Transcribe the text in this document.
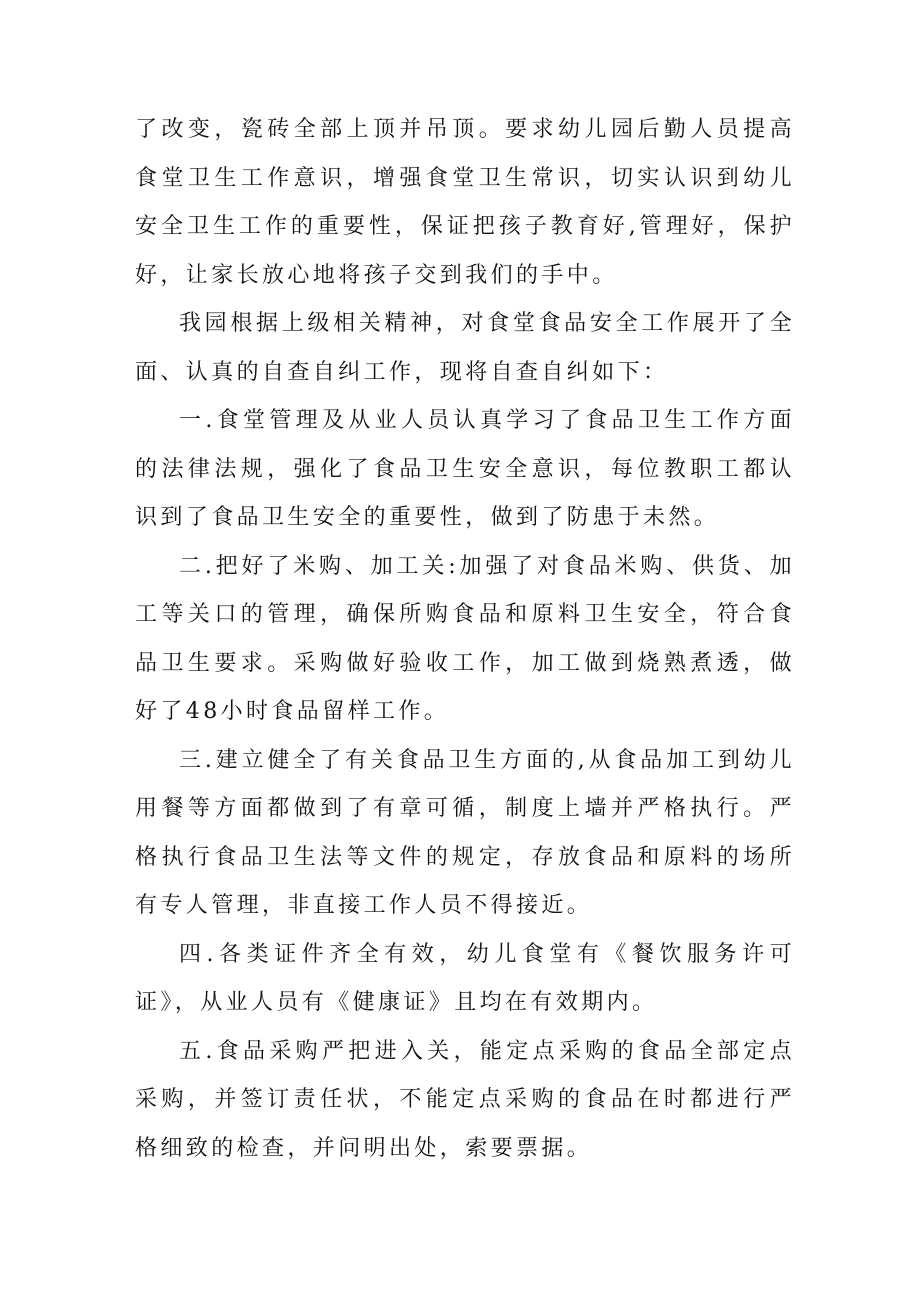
了改变，瓷砖全部上顶并吊顶。要求幼儿园后勤人员提高食堂卫生工作意识，增强食堂卫生常识，切实认识到幼儿安全卫生工作的重要性，保证把孩子教育好,管理好，保护好，让家长放心地将孩子交到我们的手中。

我园根据上级相关精神，对食堂食品安全工作展开了全面、认真的自查自纠工作，现将自查自纠如下：

一.食堂管理及从业人员认真学习了食品卫生工作方面的法律法规，强化了食品卫生安全意识，每位教职工都认识到了食品卫生安全的重要性，做到了防患于未然。

二.把好了米购、加工关:加强了对食品米购、供货、加工等关口的管理，确保所购食品和原料卫生安全，符合食品卫生要求。采购做好验收工作，加工做到烧熟煮透，做好了48小时食品留样工作。

三.建立健全了有关食品卫生方面的,从食品加工到幼儿用餐等方面都做到了有章可循，制度上墙并严格执行。严格执行食品卫生法等文件的规定，存放食品和原料的场所有专人管理，非直接工作人员不得接近。

四.各类证件齐全有效，幼儿食堂有《餐饮服务许可证》，从业人员有《健康证》且均在有效期内。

五.食品采购严把进入关，能定点采购的食品全部定点采购，并签订责任状，不能定点采购的食品在时都进行严格细致的检查，并问明出处，索要票据。
